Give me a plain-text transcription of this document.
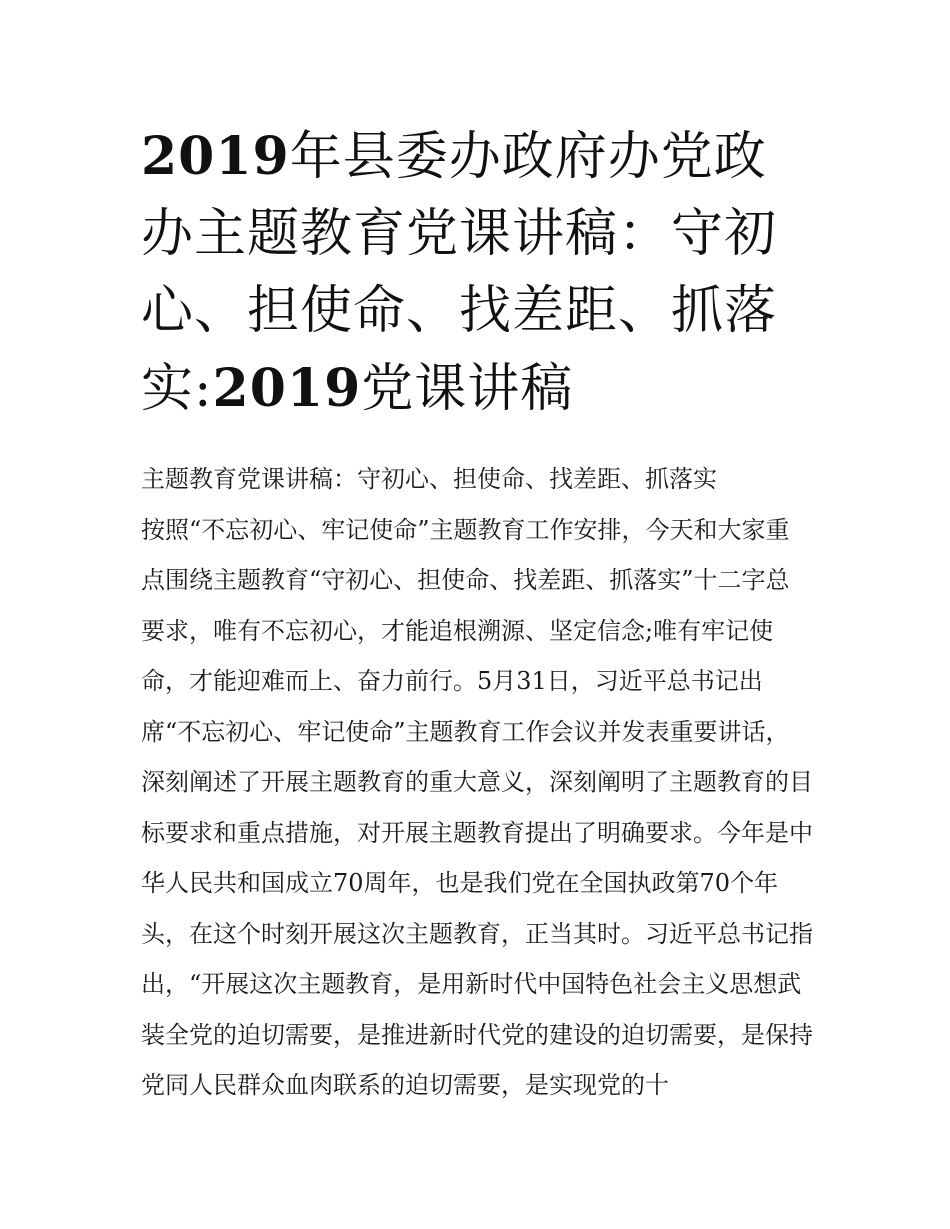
2019年县委办政府办党政办主题教育党课讲稿：守初心、担使命、找差距、抓落实:2019党课讲稿

主题教育党课讲稿：守初心、担使命、找差距、抓落实

按照“不忘初心、牢记使命”主题教育工作安排，今天和大家重点围绕主题教育“守初心、担使命、找差距、抓落实”十二字总要求，唯有不忘初心，才能追根溯源、坚定信念;唯有牢记使命，才能迎难而上、奋力前行。5月31日，习近平总书记出席“不忘初心、牢记使命”主题教育工作会议并发表重要讲话，深刻阐述了开展主题教育的重大意义，深刻阐明了主题教育的目标要求和重点措施，对开展主题教育提出了明确要求。今年是中华人民共和国成立70周年，也是我们党在全国执政第70个年头，在这个时刻开展这次主题教育，正当其时。习近平总书记指出，“开展这次主题教育，是用新时代中国特色社会主义思想武装全党的迫切需要，是推进新时代党的建设的迫切需要，是保持党同人民群众血肉联系的迫切需要，是实现党的十
